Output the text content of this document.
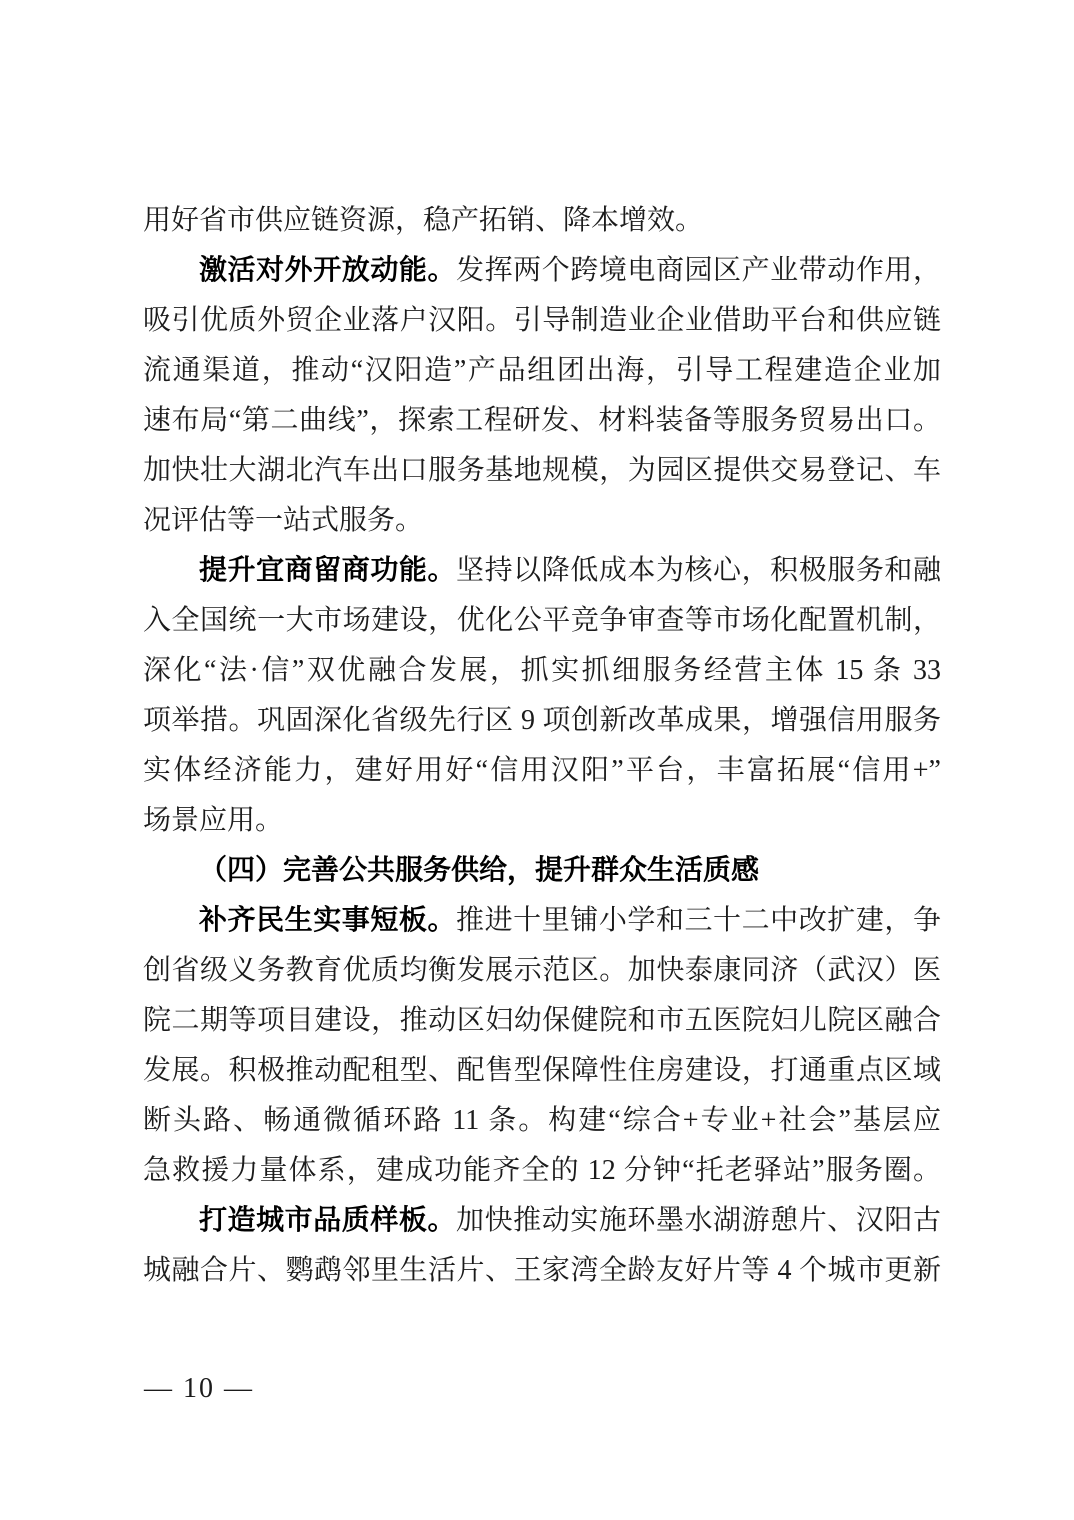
用好省市供应链资源，稳产拓销、降本增效。
激活对外开放动能。发挥两个跨境电商园区产业带动作用，
吸引优质外贸企业落户汉阳。引导制造业企业借助平台和供应链
流通渠道，推动“汉阳造”产品组团出海，引导工程建造企业加
速布局“第二曲线”，探索工程研发、材料装备等服务贸易出口。
加快壮大湖北汽车出口服务基地规模，为园区提供交易登记、车
况评估等一站式服务。
提升宜商留商功能。坚持以降低成本为核心，积极服务和融
入全国统一大市场建设，优化公平竞争审查等市场化配置机制，
深化“法·信”双优融合发展，抓实抓细服务经营主体 15 条 33
项举措。巩固深化省级先行区 9 项创新改革成果，增强信用服务
实体经济能力，建好用好“信用汉阳”平台，丰富拓展“信用+”
场景应用。
（四）完善公共服务供给，提升群众生活质感
补齐民生实事短板。推进十里铺小学和三十二中改扩建，争
创省级义务教育优质均衡发展示范区。加快泰康同济（武汉）医
院二期等项目建设，推动区妇幼保健院和市五医院妇儿院区融合
发展。积极推动配租型、配售型保障性住房建设，打通重点区域
断头路、畅通微循环路 11 条。构建“综合+专业+社会”基层应
急救援力量体系，建成功能齐全的 12 分钟“托老驿站”服务圈。
打造城市品质样板。加快推动实施环墨水湖游憩片、汉阳古
城融合片、鹦鹉邻里生活片、王家湾全龄友好片等 4 个城市更新
— 10 —
